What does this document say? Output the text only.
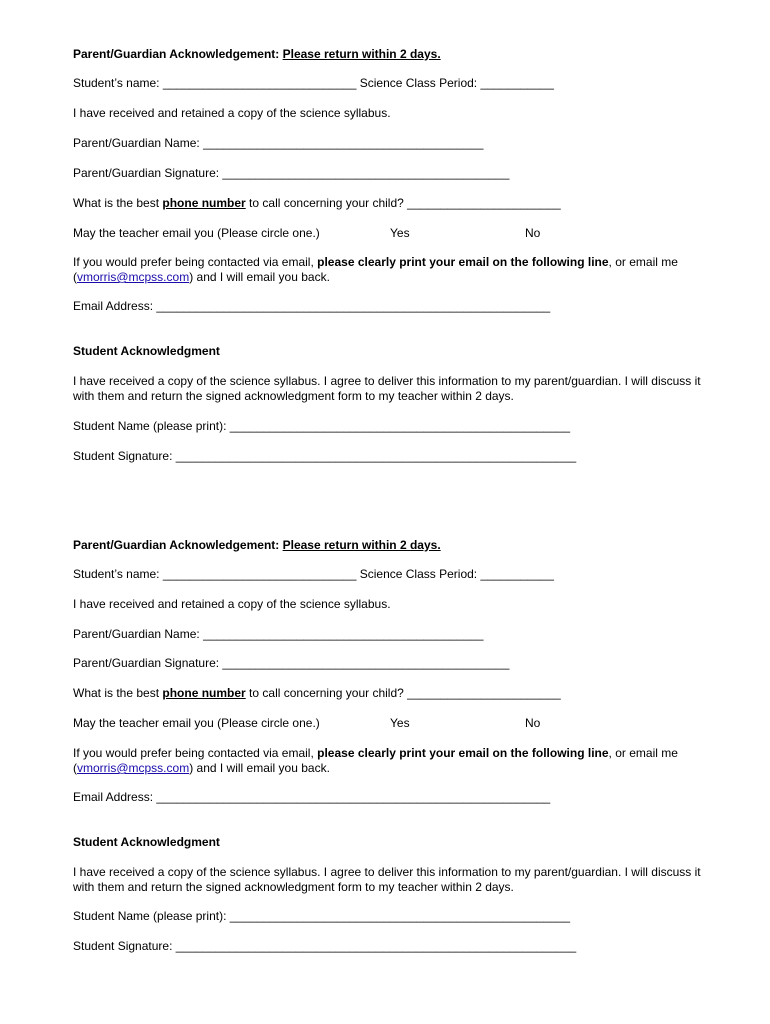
Parent/Guardian Acknowledgement: Please return within 2 days.
Student’s name: _____________________________ Science Class Period: ___________
I have received and retained a copy of the science syllabus.
Parent/Guardian Name: __________________________________________
Parent/Guardian Signature: ___________________________________________
What is the best phone number to call concerning your child? _______________________
May the teacher email you (Please circle one.)	Yes	No
If you would prefer being contacted via email, please clearly print your email on the following line, or email me
(vmorris@mcpss.com) and I will email you back.
Email Address: ___________________________________________________________
Student Acknowledgment
I have received a copy of the science syllabus. I agree to deliver this information to my parent/guardian. I will discuss it with them and return the signed acknowledgment form to my teacher within 2 days.
Student Name (please print): ___________________________________________________
Student Signature: ____________________________________________________________
Parent/Guardian Acknowledgement: Please return within 2 days.
Student’s name: _____________________________ Science Class Period: ___________
I have received and retained a copy of the science syllabus.
Parent/Guardian Name: __________________________________________
Parent/Guardian Signature: ___________________________________________
What is the best phone number to call concerning your child? _______________________
May the teacher email you (Please circle one.)	Yes	No
If you would prefer being contacted via email, please clearly print your email on the following line, or email me
(vmorris@mcpss.com) and I will email you back.
Email Address: ___________________________________________________________
Student Acknowledgment
I have received a copy of the science syllabus. I agree to deliver this information to my parent/guardian. I will discuss it with them and return the signed acknowledgment form to my teacher within 2 days.
Student Name (please print): ___________________________________________________
Student Signature: ____________________________________________________________
